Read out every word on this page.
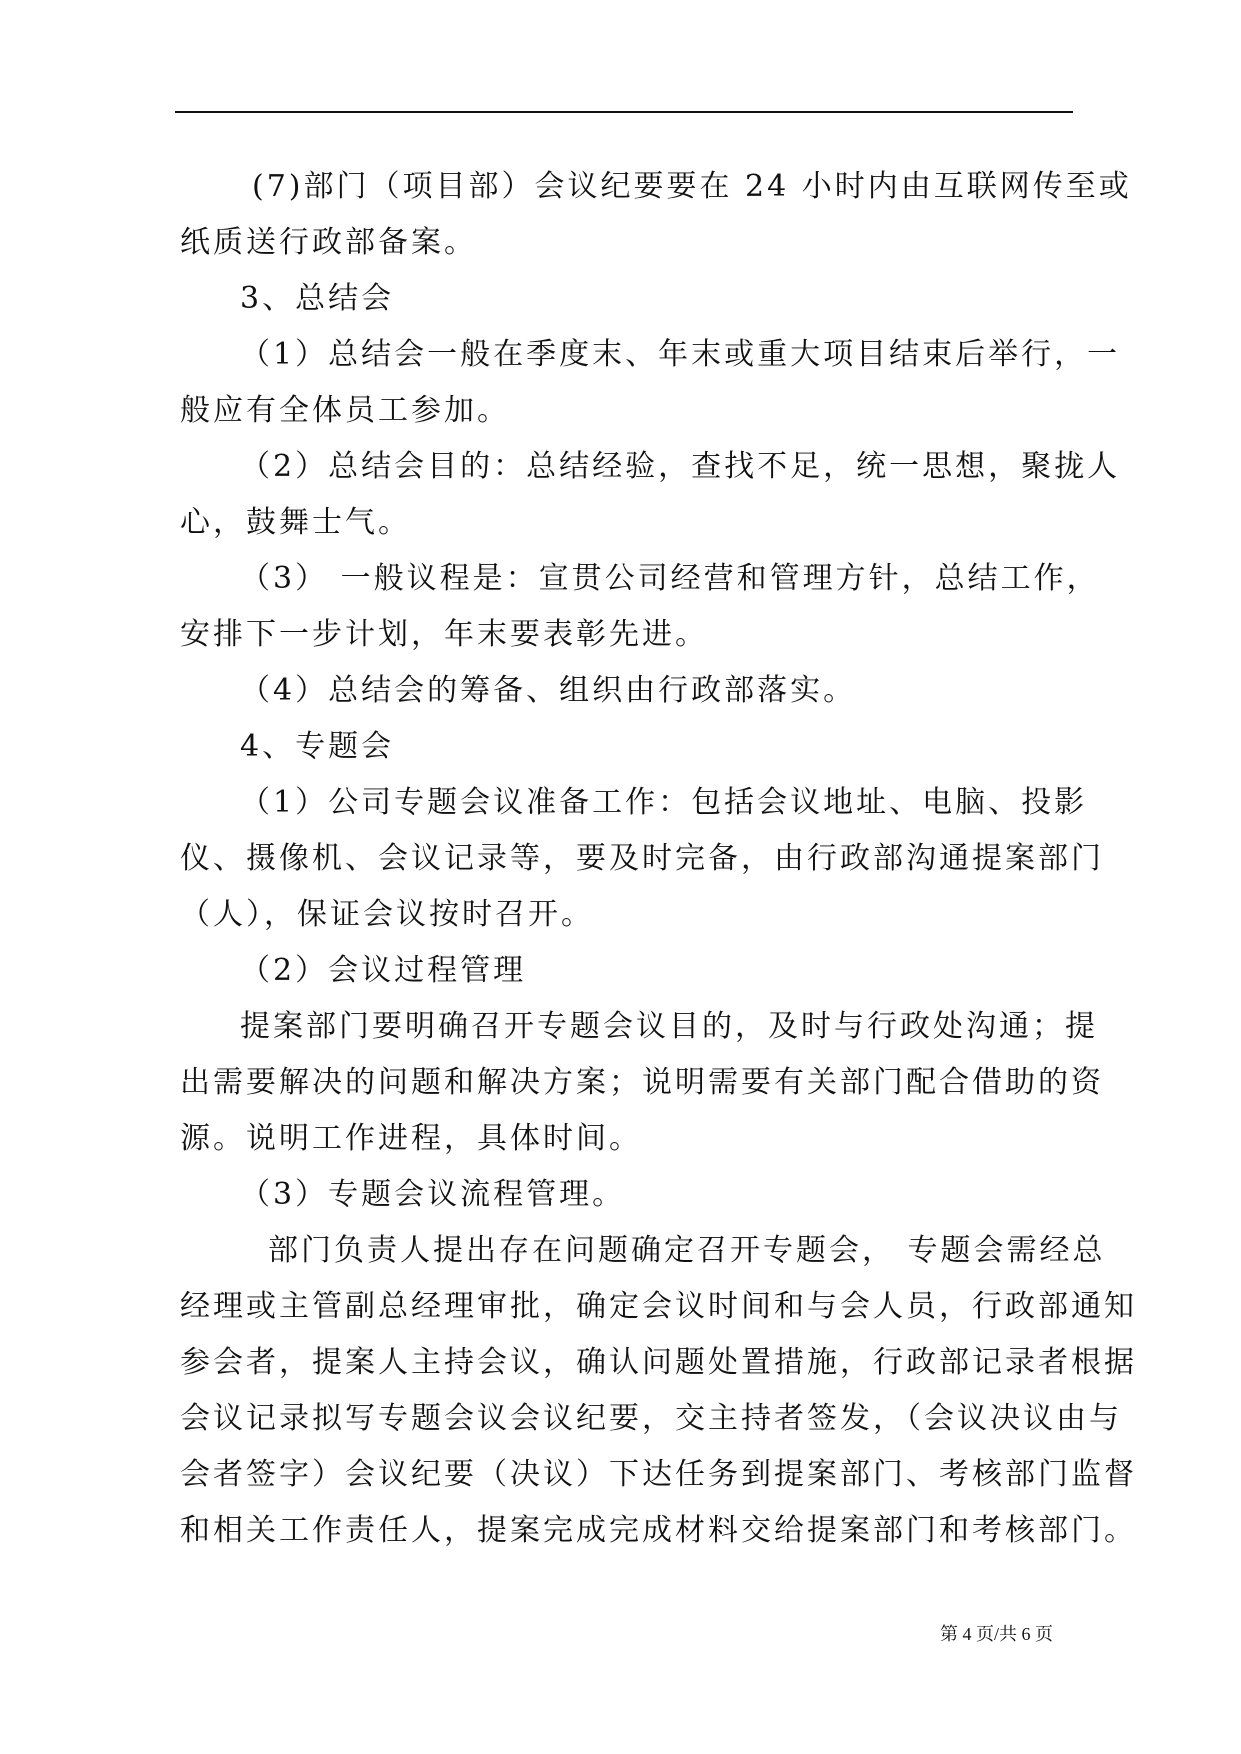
(7)部门（项目部）会议纪要要在 24 小时内由互联网传至或
纸质送行政部备案。
3、总结会
（1）总结会一般在季度末、年末或重大项目结束后举行，一
般应有全体员工参加。
（2）总结会目的：总结经验，查找不足，统一思想，聚拢人
心，鼓舞士气。
（3） 一般议程是：宣贯公司经营和管理方针，总结工作，
安排下一步计划，年末要表彰先进。
（4）总结会的筹备、组织由行政部落实。
4、专题会
（1）公司专题会议准备工作：包括会议地址、电脑、投影
仪、摄像机、会议记录等，要及时完备，由行政部沟通提案部门
（人），保证会议按时召开。
（2）会议过程管理
提案部门要明确召开专题会议目的，及时与行政处沟通；提
出需要解决的问题和解决方案；说明需要有关部门配合借助的资
源。说明工作进程，具体时间。
（3）专题会议流程管理。
部门负责人提出存在问题确定召开专题会， 专题会需经总
经理或主管副总经理审批，确定会议时间和与会人员，行政部通知
参会者，提案人主持会议，确认问题处置措施，行政部记录者根据
会议记录拟写专题会议会议纪要，交主持者签发，（会议决议由与
会者签字）会议纪要（决议）下达任务到提案部门、考核部门监督
和相关工作责任人，提案完成完成材料交给提案部门和考核部门。
第 4 页/共 6 页
